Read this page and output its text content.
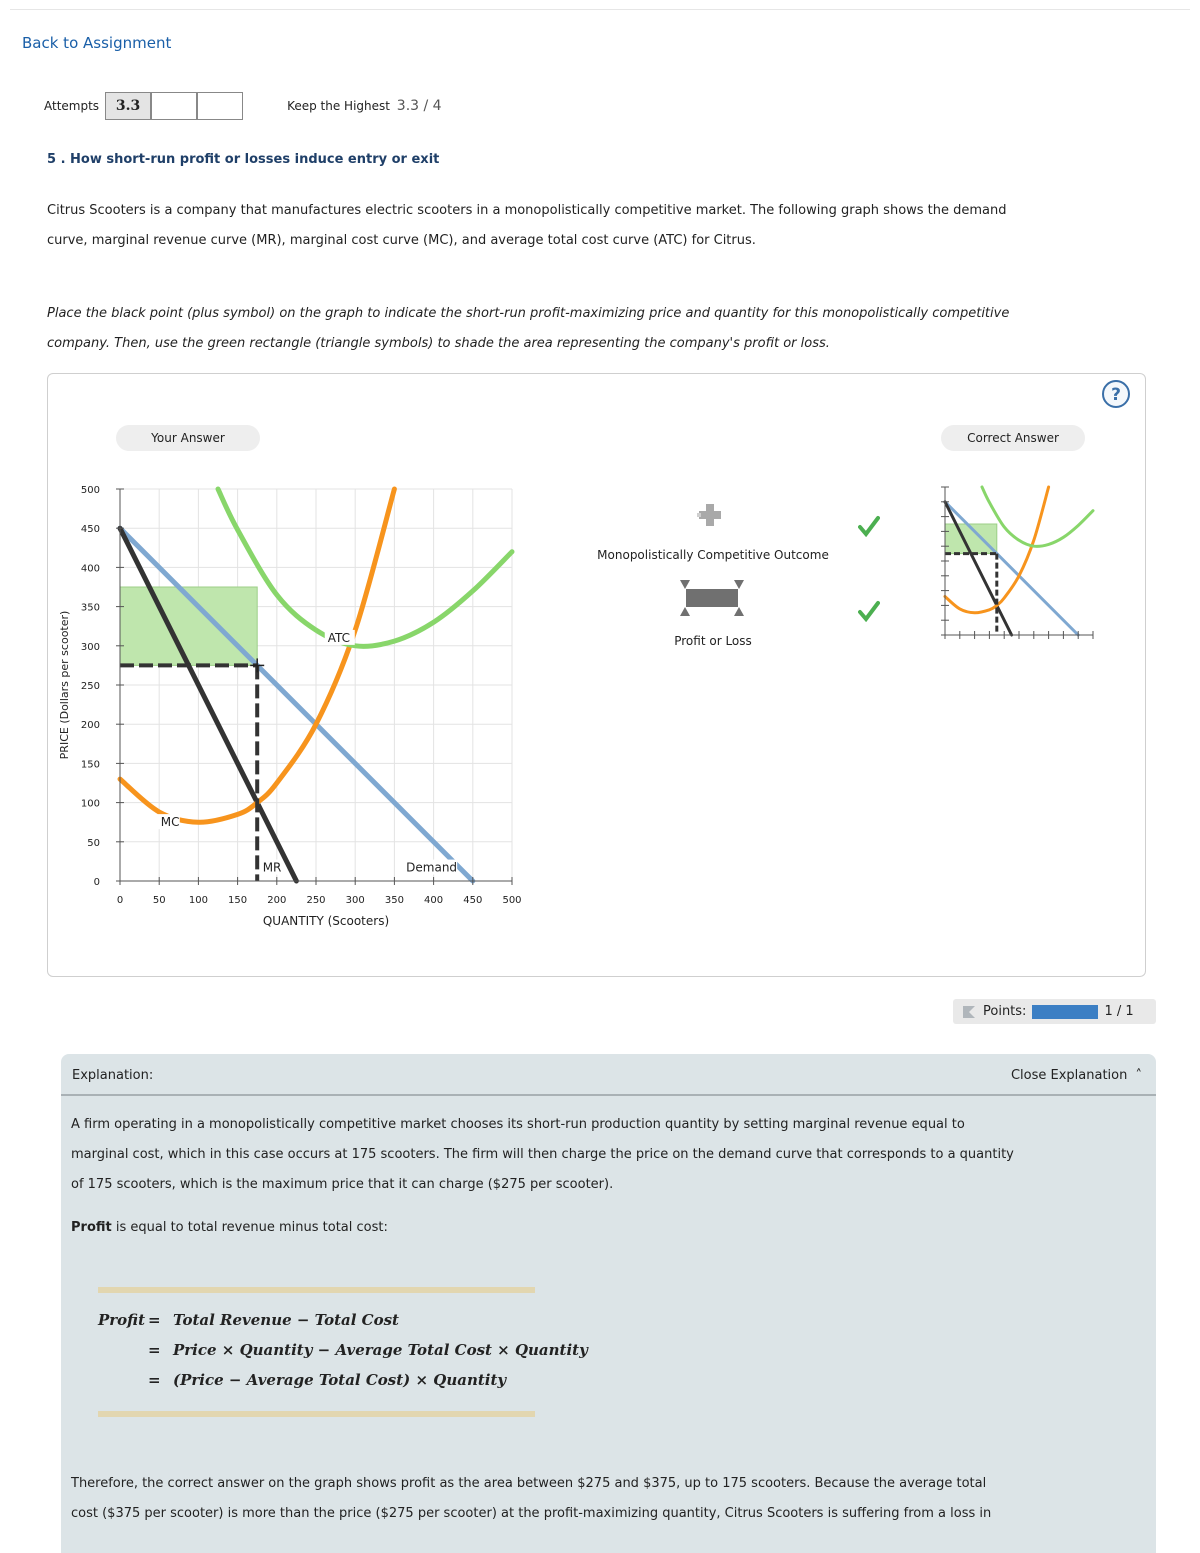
Back to Assignment
Attempts	3.3	Keep the Highest 3.3 / 4
5 . How short-run profit or losses induce entry or exit
Citrus Scooters is a company that manufactures electric scooters in a monopolistically competitive market. The following graph shows the demand
curve, marginal revenue curve (MR), marginal cost curve (MC), and average total cost curve (ATC) for Citrus.
Place the black point (plus symbol) on the graph to indicate the short-run profit-maximizing price and quantity for this monopolistically competitive
company. Then, use the green rectangle (triangle symbols) to shade the area representing the company's profit or loss.
?
Your Answer	Correct Answer
0	50 100 150 200 250 300 350 400 450 500
0
50
100
150
200
250
300
350
400
450
500
QUANTITY (Scooters)
PRICE (Dollars per scooter)	ATC
MC
MR	Demand
Monopolistically Competitive Outcome
Profit or Loss
Points:	1 / 1
Explanation:	Close Explanation ˄
A firm operating in a monopolistically competitive market chooses its short-run production quantity by setting marginal revenue equal to
marginal cost, which in this case occurs at 175 scooters. The firm will then charge the price on the demand curve that corresponds to a quantity
of 175 scooters, which is the maximum price that it can charge ($275 per scooter).
Profit is equal to total revenue minus total cost:
Profit = Total Revenue − Total Cost
= Price × Quantity − Average Total Cost × Quantity
= (Price − Average Total Cost) × Quantity
Therefore, the correct answer on the graph shows profit as the area between $275 and $375, up to 175 scooters. Because the average total
cost ($375 per scooter) is more than the price ($275 per scooter) at the profit-maximizing quantity, Citrus Scooters is suffering from a loss in
